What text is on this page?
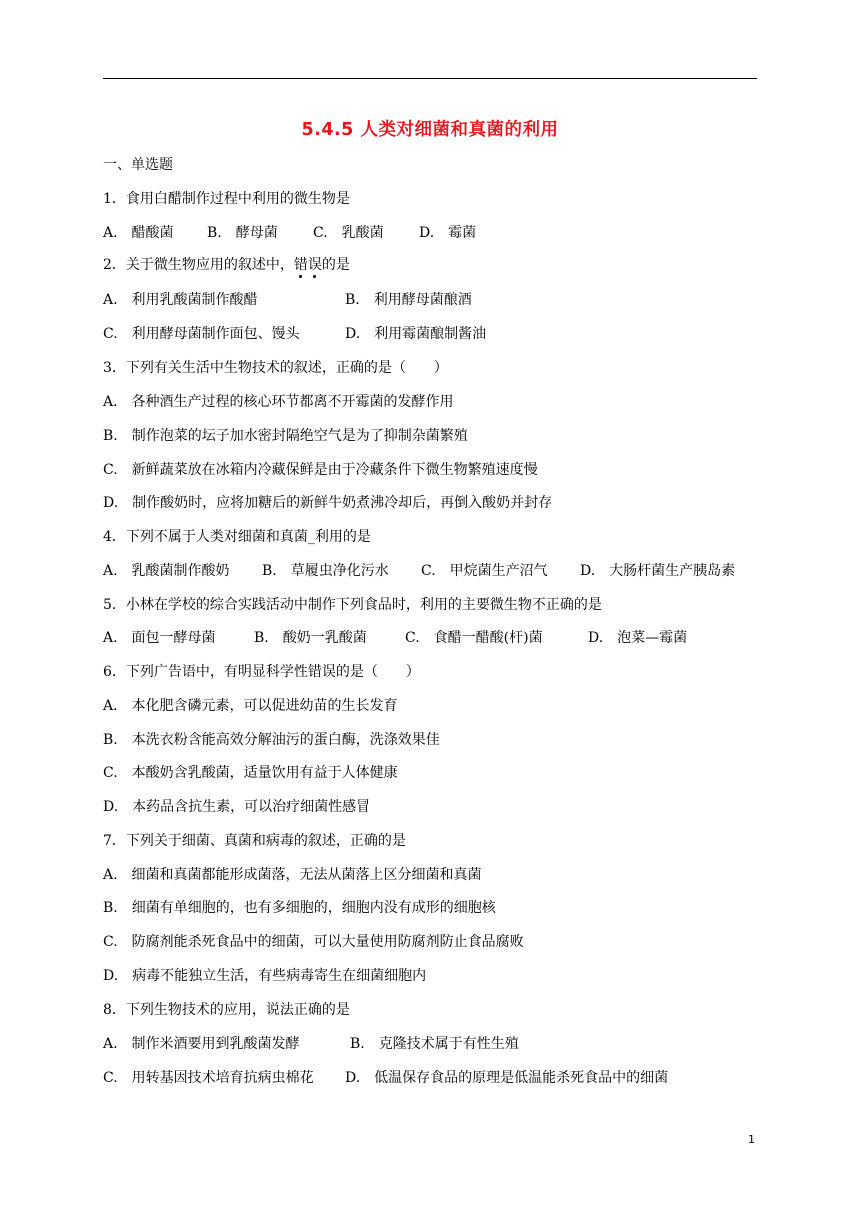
5.4.5 人类对细菌和真菌的利用
一、单选题
1．食用白醋制作过程中利用的微生物是
A.　醋酸菌 B.　酵母菌	C.　乳酸菌	D.　霉菌
2．关于微生物应用的叙述中，错误的是
A.　利用乳酸菌制作酸醋	B.　利用酵母菌酿酒
C.　利用酵母菌制作面包、馒头	D.　利用霉菌酿制酱油
3．下列有关生活中生物技术的叙述，正确的是（　　）
A.　各种酒生产过程的核心环节都离不开霉菌的发酵作用
B.　制作泡菜的坛子加水密封隔绝空气是为了抑制杂菌繁殖
C.　新鲜蔬菜放在冰箱内冷藏保鲜是由于冷藏条件下微生物繁殖速度慢
D.　制作酸奶时，应将加糖后的新鲜牛奶煮沸冷却后，再倒入酸奶并封存
4．下列不属于人类对细菌和真菌_利用的是
A.　乳酸菌制作酸奶 B.　草履虫净化污水 C.　甲烷菌生产沼气 D.　大肠杆菌生产胰岛素
5．小林在学校的综合实践活动中制作下列食品时，利用的主要微生物不正确的是
A.　面包一酵母菌	B.　酸奶一乳酸菌	C.　食醋一醋酸(杆)菌	D.　泡菜—霉菌
6．下列广告语中，有明显科学性错误的是（　　）
A.　本化肥含磷元素，可以促进幼苗的生长发育
B.　本洗衣粉含能高效分解油污的蛋白酶，洗涤效果佳
C.　本酸奶含乳酸菌，适量饮用有益于人体健康
D.　本药品含抗生素，可以治疗细菌性感冒
7．下列关于细菌、真菌和病毒的叙述，正确的是
A.　细菌和真菌都能形成菌落，无法从菌落上区分细菌和真菌
B.　细菌有单细胞的，也有多细胞的，细胞内没有成形的细胞核
C.　防腐剂能杀死食品中的细菌，可以大量使用防腐剂防止食品腐败
D.　病毒不能独立生活，有些病毒寄生在细菌细胞内
8．下列生物技术的应用，说法正确的是
A.　制作米酒要用到乳酸菌发酵	B.　克隆技术属于有性生殖
C.　用转基因技术培育抗病虫棉花 D.　低温保存食品的原理是低温能杀死食品中的细菌
1
